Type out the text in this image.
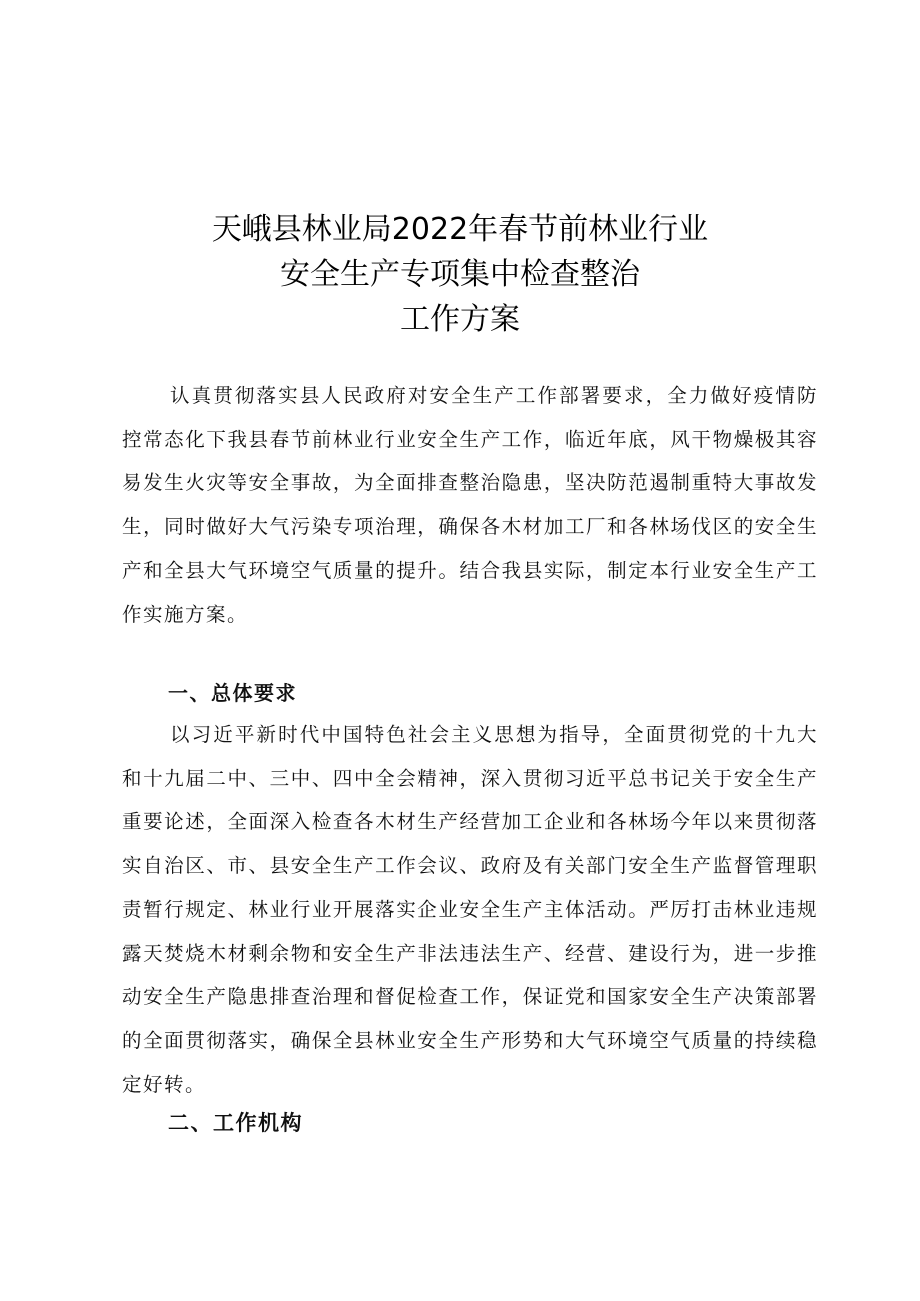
天峨县林业局2022年春节前林业行业
安全生产专项集中检查整治
工作方案
认真贯彻落实县人民政府对安全生产工作部署要求，全力做好疫情防控常态化下我县春节前林业行业安全生产工作，临近年底，风干物燥极其容易发生火灾等安全事故，为全面排查整治隐患，坚决防范遏制重特大事故发生，同时做好大气污染专项治理，确保各木材加工厂和各林场伐区的安全生产和全县大气环境空气质量的提升。结合我县实际，制定本行业安全生产工作实施方案。
一、总体要求
以习近平新时代中国特色社会主义思想为指导，全面贯彻党的十九大和十九届二中、三中、四中全会精神，深入贯彻习近平总书记关于安全生产重要论述，全面深入检查各木材生产经营加工企业和各林场今年以来贯彻落实自治区、市、县安全生产工作会议、政府及有关部门安全生产监督管理职责暂行规定、林业行业开展落实企业安全生产主体活动。严厉打击林业违规露天焚烧木材剩余物和安全生产非法违法生产、经营、建设行为，进一步推动安全生产隐患排查治理和督促检查工作，保证党和国家安全生产决策部署的全面贯彻落实，确保全县林业安全生产形势和大气环境空气质量的持续稳定好转。
二、工作机构
